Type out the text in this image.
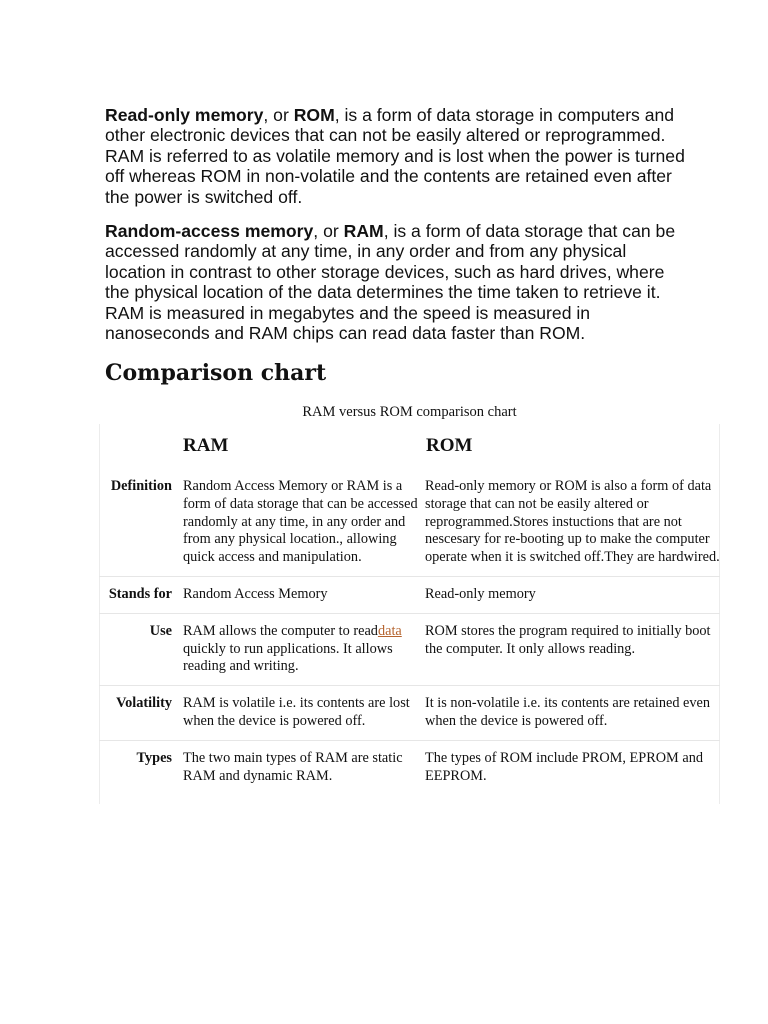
Read-only memory, or ROM, is a form of data storage in computers and other electronic devices that can not be easily altered or reprogrammed. RAM is referred to as volatile memory and is lost when the power is turned off whereas ROM in non-volatile and the contents are retained even after the power is switched off.

Random-access memory, or RAM, is a form of data storage that can be accessed randomly at any time, in any order and from any physical location in contrast to other storage devices, such as hard drives, where the physical location of the data determines the time taken to retrieve it. RAM is measured in megabytes and the speed is measured in nanoseconds and RAM chips can read data faster than ROM.

Comparison chart
RAM versus ROM comparison chart
	RAM	ROM
Definition	Random Access Memory or RAM is a form of data storage that can be accessed randomly at any time, in any order and from any physical location., allowing quick access and manipulation.	Read-only memory or ROM is also a form of data storage that can not be easily altered or reprogrammed.Stores instuctions that are not nescesary for re-booting up to make the computer operate when it is switched off.They are hardwired.
Stands for	Random Access Memory	Read-only memory
Use	RAM allows the computer to readdata quickly to run applications. It allows reading and writing.	ROM stores the program required to initially boot the computer. It only allows reading.
Volatility	RAM is volatile i.e. its contents are lost when the device is powered off.	It is non-volatile i.e. its contents are retained even when the device is powered off.
Types	The two main types of RAM are static RAM and dynamic RAM.	The types of ROM include PROM, EPROM and EEPROM.
